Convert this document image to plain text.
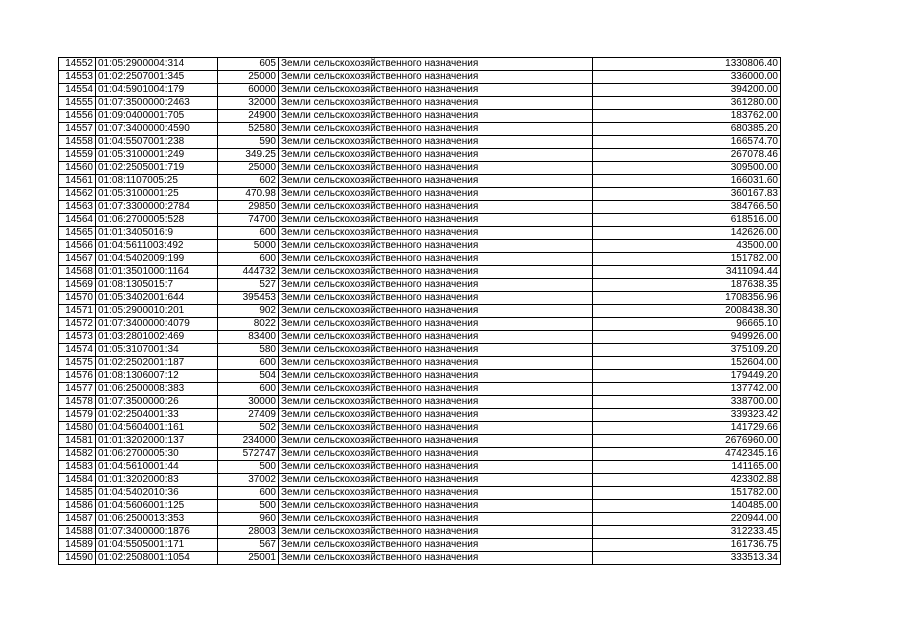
14552	01:05:2900004:314	605	Земли сельскохозяйственного назначения	1330806.40
14553	01:02:2507001:345	25000	Земли сельскохозяйственного назначения	336000.00
14554	01:04:5901004:179	60000	Земли сельскохозяйственного назначения	394200.00
14555	01:07:3500000:2463	32000	Земли сельскохозяйственного назначения	361280.00
14556	01:09:0400001:705	24900	Земли сельскохозяйственного назначения	183762.00
14557	01:07:3400000:4590	52580	Земли сельскохозяйственного назначения	680385.20
14558	01:04:5507001:238	590	Земли сельскохозяйственного назначения	166574.70
14559	01:05:3100001:249	349.25	Земли сельскохозяйственного назначения	267078.46
14560	01:02:2505001:719	25000	Земли сельскохозяйственного назначения	309500.00
14561	01:08:1107005:25	602	Земли сельскохозяйственного назначения	166031.60
14562	01:05:3100001:25	470.98	Земли сельскохозяйственного назначения	360167.83
14563	01:07:3300000:2784	29850	Земли сельскохозяйственного назначения	384766.50
14564	01:06:2700005:528	74700	Земли сельскохозяйственного назначения	618516.00
14565	01:01:3405016:9	600	Земли сельскохозяйственного назначения	142626.00
14566	01:04:5611003:492	5000	Земли сельскохозяйственного назначения	43500.00
14567	01:04:5402009:199	600	Земли сельскохозяйственного назначения	151782.00
14568	01:01:3501000:1164	444732	Земли сельскохозяйственного назначения	3411094.44
14569	01:08:1305015:7	527	Земли сельскохозяйственного назначения	187638.35
14570	01:05:3402001:644	395453	Земли сельскохозяйственного назначения	1708356.96
14571	01:05:2900010:201	902	Земли сельскохозяйственного назначения	2008438.30
14572	01:07:3400000:4079	8022	Земли сельскохозяйственного назначения	96665.10
14573	01:03:2801002:469	83400	Земли сельскохозяйственного назначения	949926.00
14574	01:05:3107001:34	580	Земли сельскохозяйственного назначения	375109.20
14575	01:02:2502001:187	600	Земли сельскохозяйственного назначения	152604.00
14576	01:08:1306007:12	504	Земли сельскохозяйственного назначения	179449.20
14577	01:06:2500008:383	600	Земли сельскохозяйственного назначения	137742.00
14578	01:07:3500000:26	30000	Земли сельскохозяйственного назначения	338700.00
14579	01:02:2504001:33	27409	Земли сельскохозяйственного назначения	339323.42
14580	01:04:5604001:161	502	Земли сельскохозяйственного назначения	141729.66
14581	01:01:3202000:137	234000	Земли сельскохозяйственного назначения	2676960.00
14582	01:06:2700005:30	572747	Земли сельскохозяйственного назначения	4742345.16
14583	01:04:5610001:44	500	Земли сельскохозяйственного назначения	141165.00
14584	01:01:3202000:83	37002	Земли сельскохозяйственного назначения	423302.88
14585	01:04:5402010:36	600	Земли сельскохозяйственного назначения	151782.00
14586	01:04:5606001:125	500	Земли сельскохозяйственного назначения	140485.00
14587	01:06:2500013:353	960	Земли сельскохозяйственного назначения	220944.00
14588	01:07:3400000:1876	28003	Земли сельскохозяйственного назначения	312233.45
14589	01:04:5505001:171	567	Земли сельскохозяйственного назначения	161736.75
14590	01:02:2508001:1054	25001	Земли сельскохозяйственного назначения	333513.34
